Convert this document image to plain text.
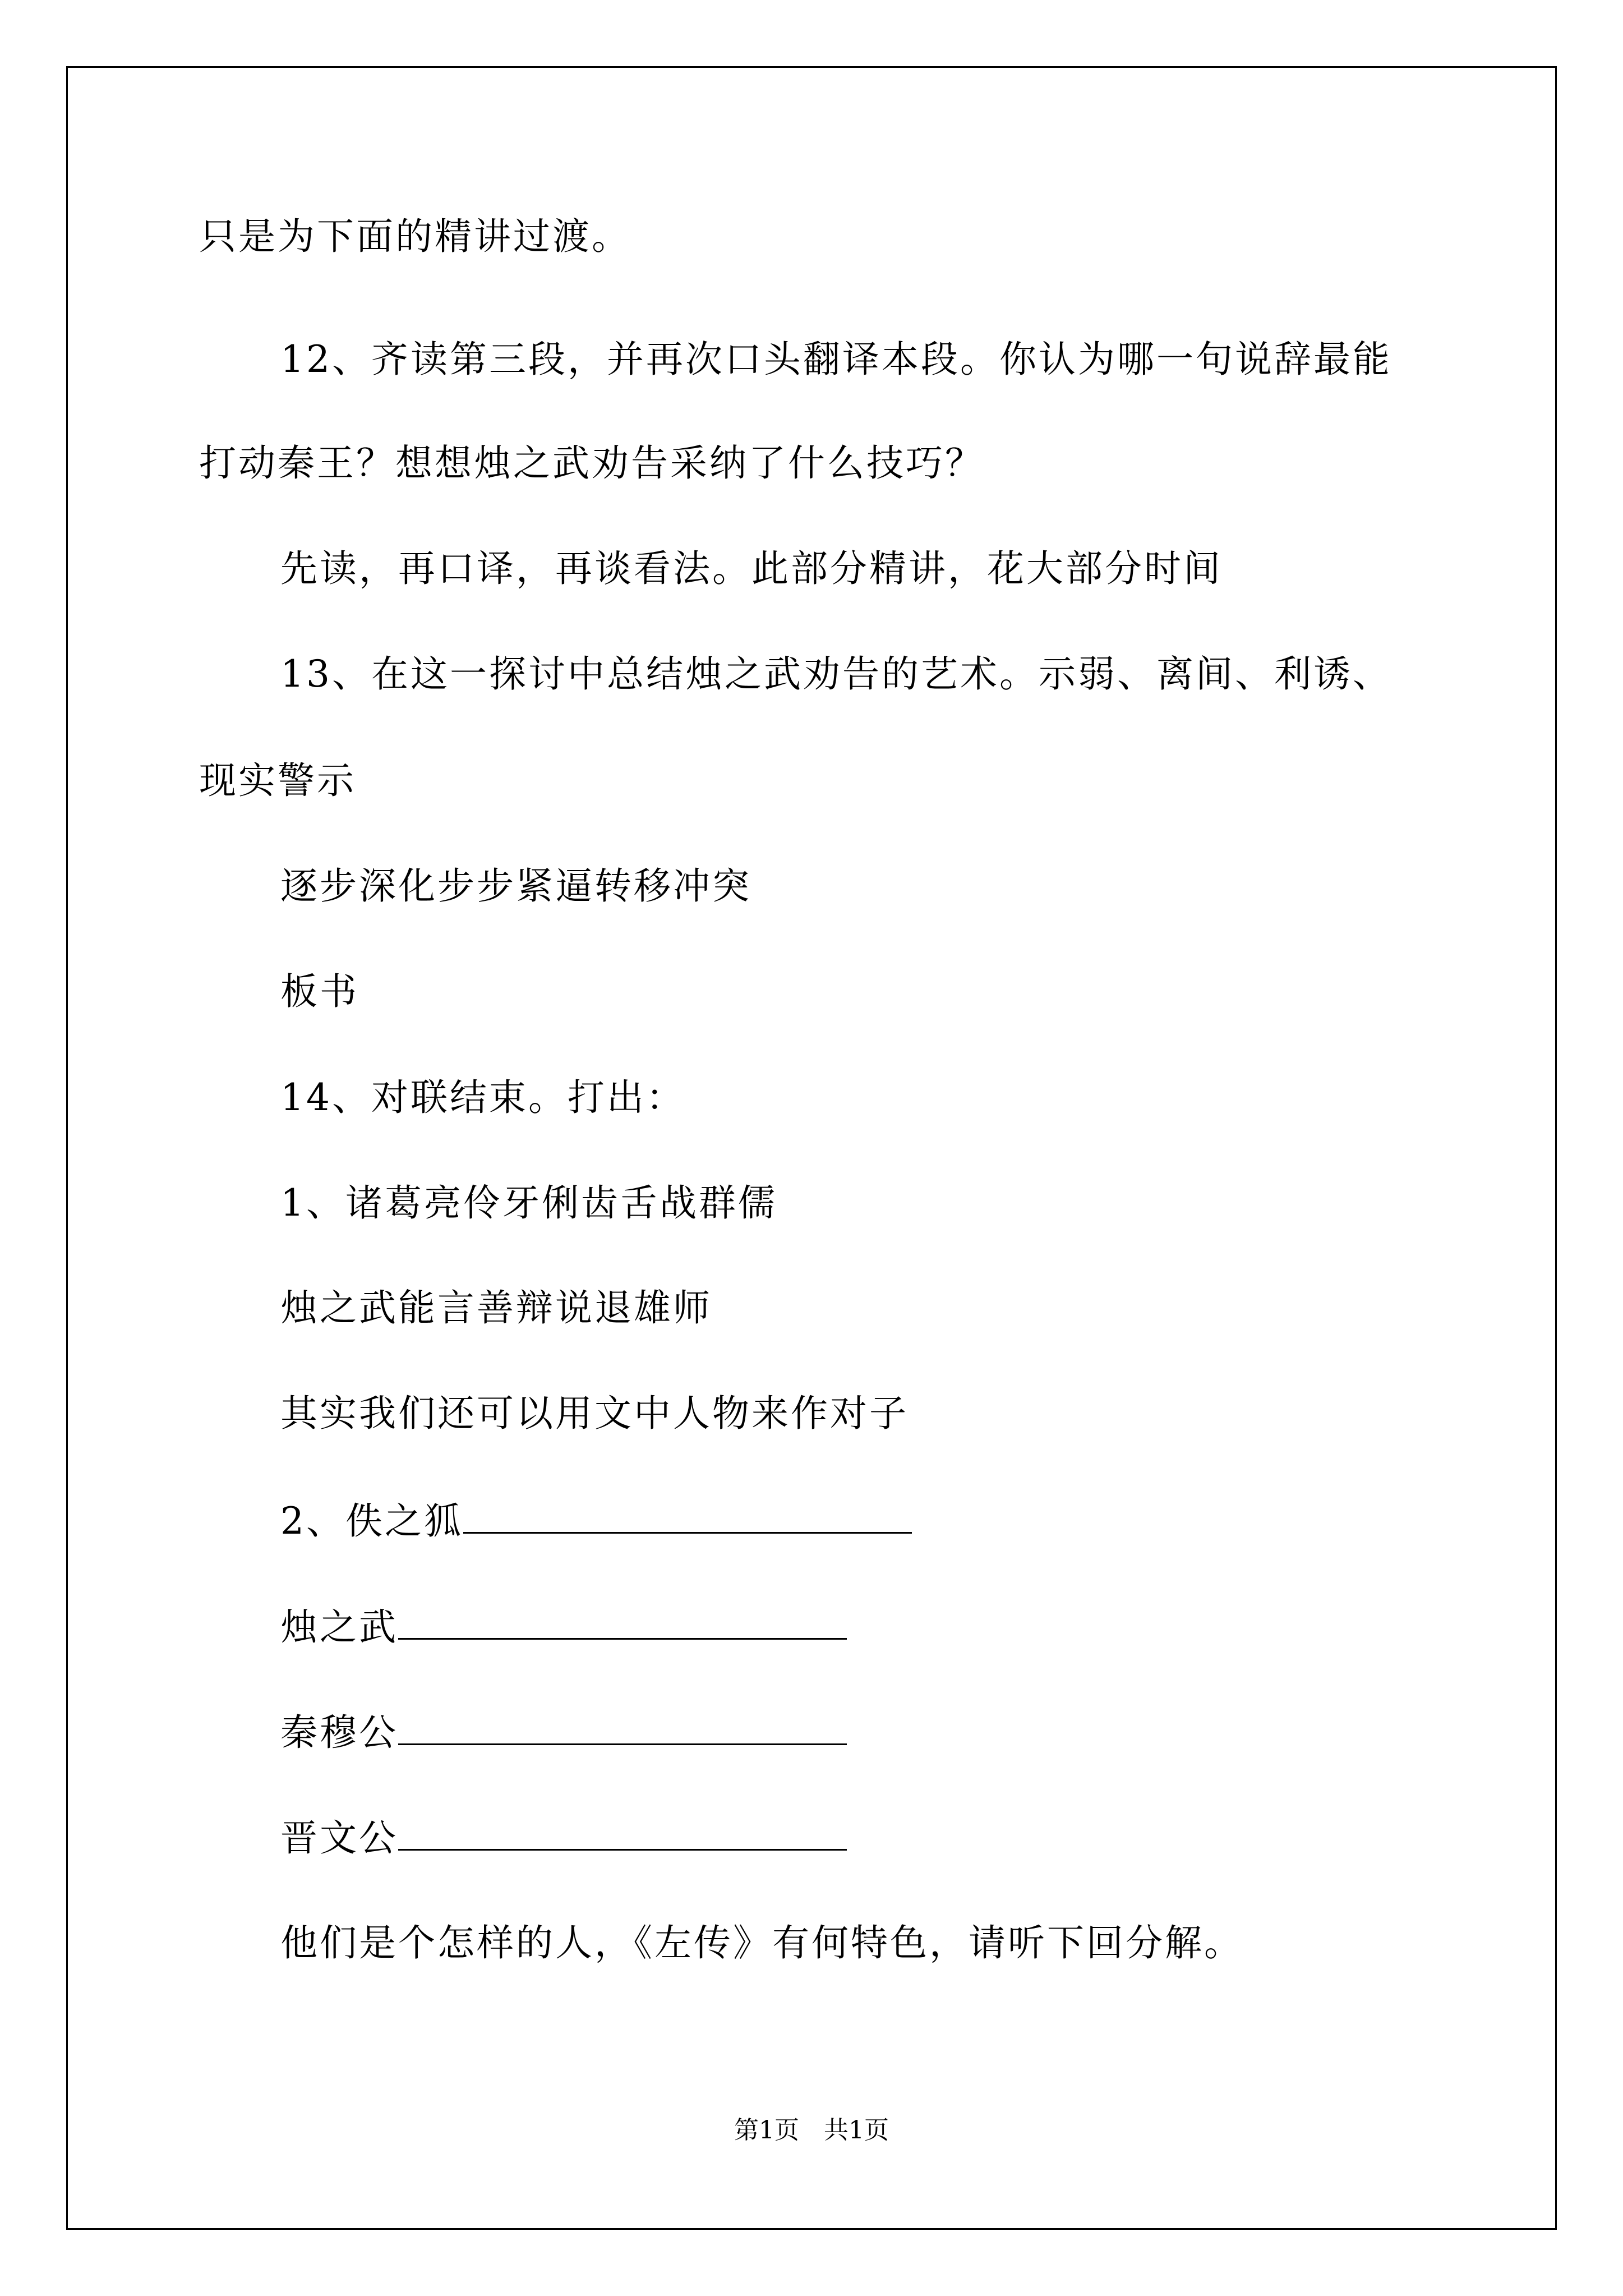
只是为下面的精讲过渡。
12、齐读第三段，并再次口头翻译本段。你认为哪一句说辞最能
打动秦王？想想烛之武劝告采纳了什么技巧？
先读，再口译，再谈看法。此部分精讲，花大部分时间
13、在这一探讨中总结烛之武劝告的艺术。示弱、离间、利诱、
现实警示
逐步深化步步紧逼转移冲突
板书
14、对联结束。打出：
1、诸葛亮伶牙俐齿舌战群儒
烛之武能言善辩说退雄师
其实我们还可以用文中人物来作对子
2、佚之狐
烛之武
秦穆公
晋文公
他们是个怎样的人，《左传》有何特色，请听下回分解。
第1页　共1页
